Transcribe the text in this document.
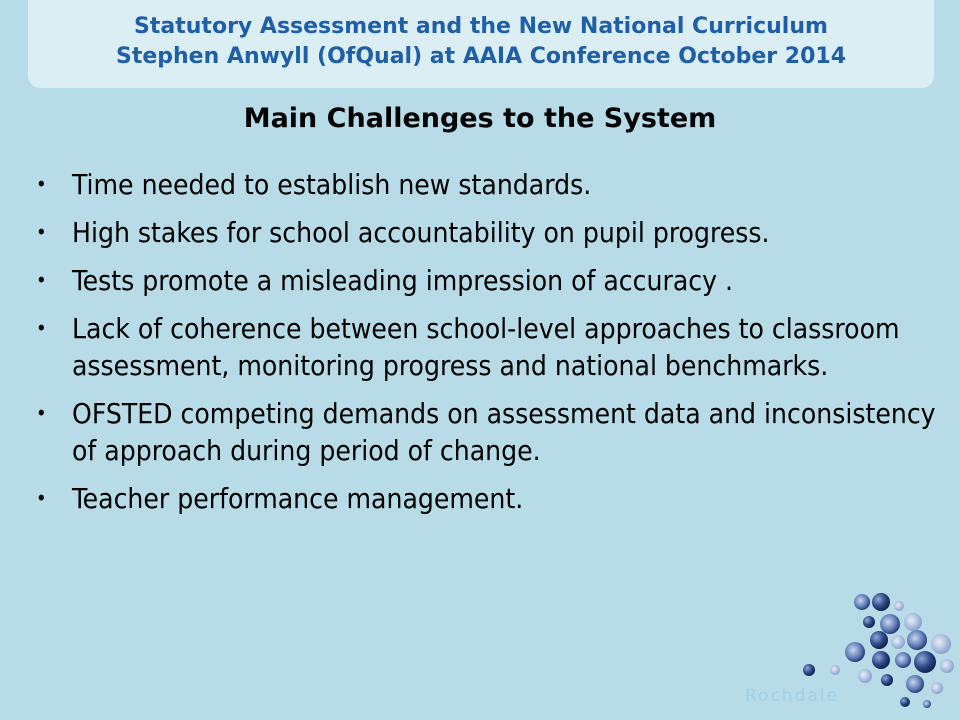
Statutory Assessment and the New National Curriculum
Stephen Anwyll (OfQual) at AAIA Conference October 2014
Main Challenges to the System
• Time needed to establish new standards.
• High stakes for school accountability on pupil progress.
• Tests promote a misleading impression of accuracy .
• Lack of coherence between school-level approaches to classroom assessment, monitoring progress and national benchmarks.
• OFSTED competing demands on assessment data and inconsistency of approach during period of change.
• Teacher performance management.
Rochdale
